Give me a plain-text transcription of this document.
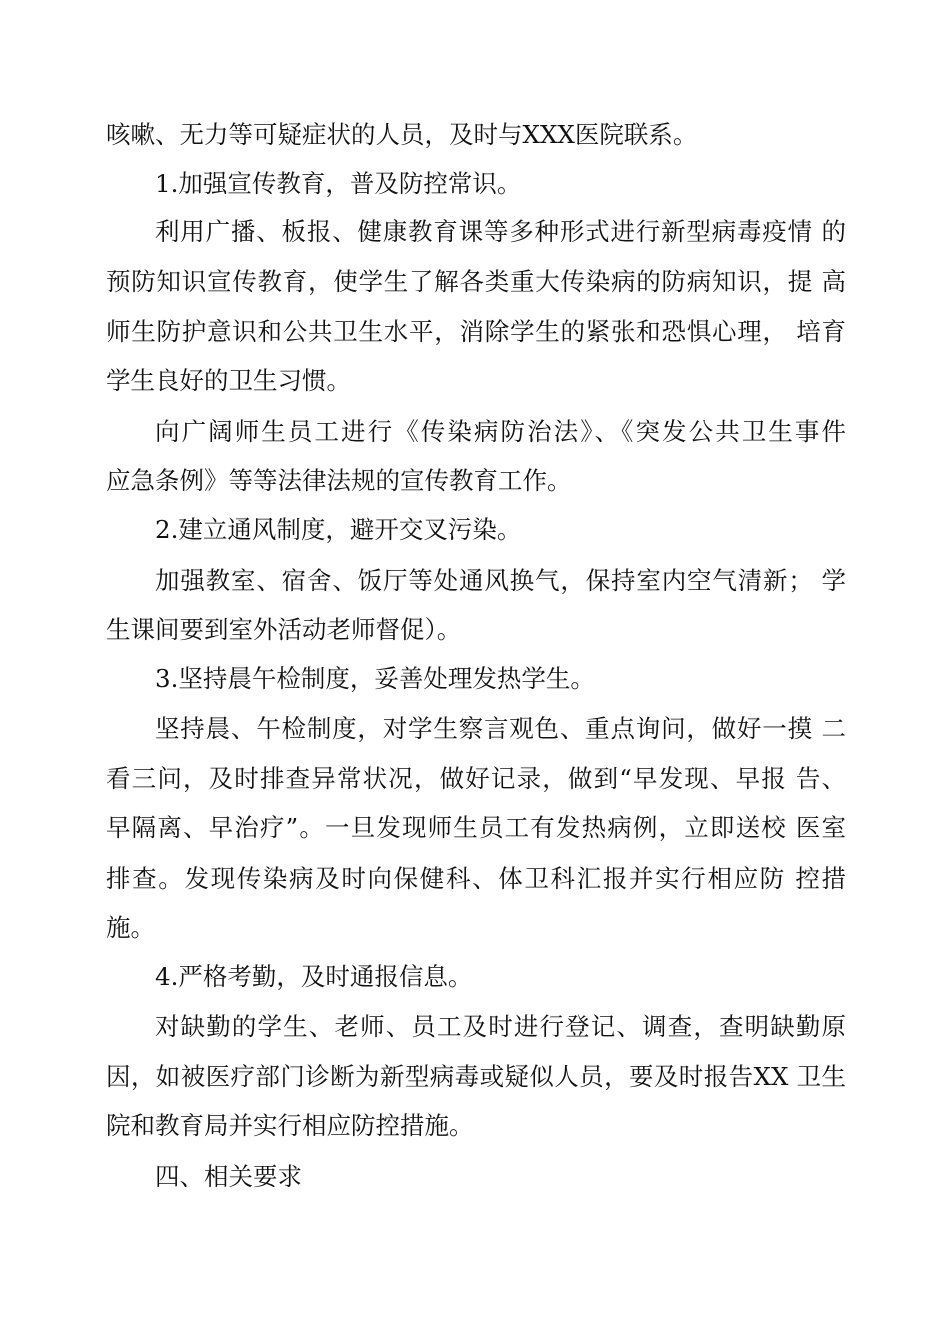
咳嗽、无力等可疑症状的人员，及时与XXX医院联系。
1.加强宣传教育，普及防控常识。
利用广播、板报、健康教育课等多种形式进行新型病毒疫情 的
预防知识宣传教育，使学生了解各类重大传染病的防病知识，提 高
师生防护意识和公共卫生水平，消除学生的紧张和恐惧心理， 培育
学生良好的卫生习惯。
向广阔师生员工进行《传染病防治法》、《突发公共卫生事件
应急条例》等等法律法规的宣传教育工作。
2.建立通风制度，避开交叉污染。
加强教室、宿舍、饭厅等处通风换气，保持室内空气清新； 学
生课间要到室外活动老师督促）。
3.坚持晨午检制度，妥善处理发热学生。
坚持晨、午检制度，对学生察言观色、重点询问，做好一摸 二
看三问，及时排查异常状况，做好记录，做到“早发现、早报 告、
早隔离、早治疗”。一旦发现师生员工有发热病例，立即送校 医室
排查。发现传染病及时向保健科、体卫科汇报并实行相应防 控措
施。
4.严格考勤，及时通报信息。
对缺勤的学生、老师、员工及时进行登记、调查，查明缺勤原
因，如被医疗部门诊断为新型病毒或疑似人员，要及时报告XX 卫生
院和教育局并实行相应防控措施。
四、相关要求
